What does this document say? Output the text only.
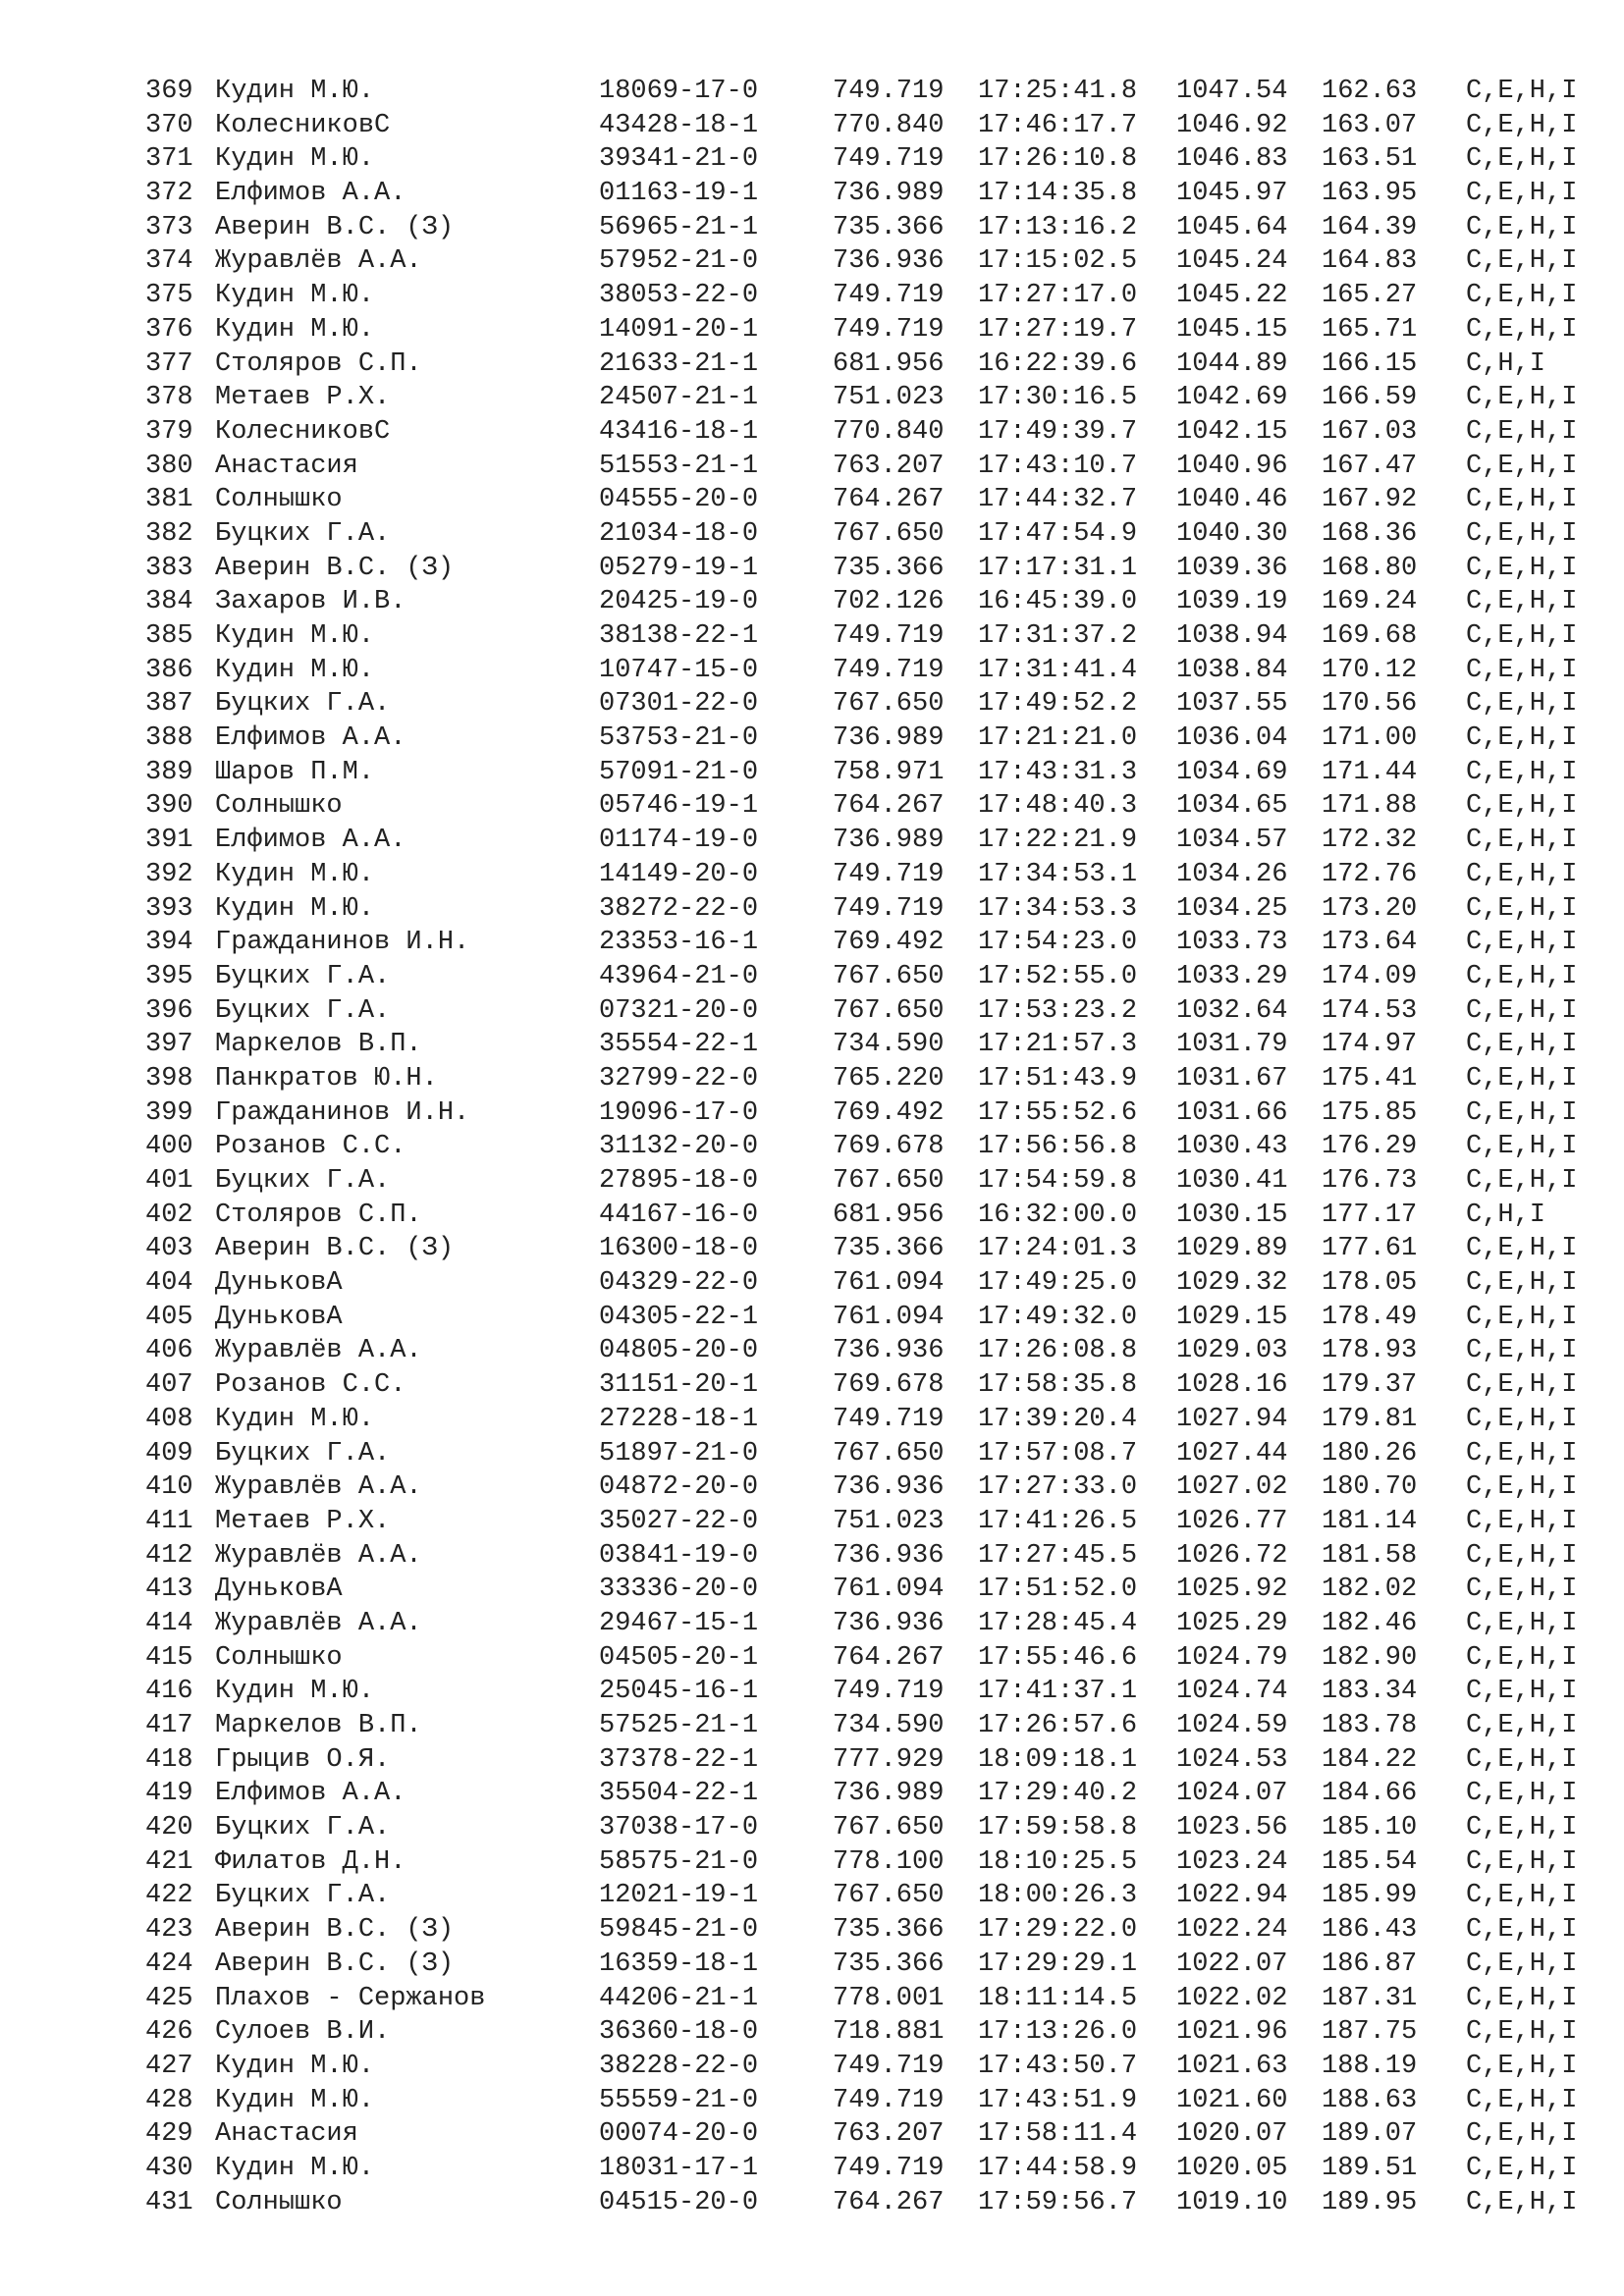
369 Кудин М.Ю.	18069-17-0	749.719 17:25:41.8 1047.54 162.63 C,E,H,I
370 КолесниковС	43428-18-1	770.840 17:46:17.7 1046.92 163.07 C,E,H,I
371 Кудин М.Ю.	39341-21-0	749.719 17:26:10.8 1046.83 163.51 C,E,H,I
372 Елфимов А.А.	01163-19-1	736.989 17:14:35.8 1045.97 163.95 C,E,H,I
373 Аверин В.С. (З)	56965-21-1	735.366 17:13:16.2 1045.64 164.39 C,E,H,I
374 Журавлёв А.А.	57952-21-0	736.936 17:15:02.5 1045.24 164.83 C,E,H,I
375 Кудин М.Ю.	38053-22-0	749.719 17:27:17.0 1045.22 165.27 C,E,H,I
376 Кудин М.Ю.	14091-20-1	749.719 17:27:19.7 1045.15 165.71 C,E,H,I
377 Столяров С.П.	21633-21-1	681.956 16:22:39.6 1044.89 166.15 C,H,I
378 Метаев Р.Х.	24507-21-1	751.023 17:30:16.5 1042.69 166.59 C,E,H,I
379 КолесниковС	43416-18-1	770.840 17:49:39.7 1042.15 167.03 C,E,H,I
380 Анастасия	51553-21-1	763.207 17:43:10.7 1040.96 167.47 C,E,H,I
381 Солнышко	04555-20-0	764.267 17:44:32.7 1040.46 167.92 C,E,H,I
382 Буцких Г.А.	21034-18-0	767.650 17:47:54.9 1040.30 168.36 C,E,H,I
383 Аверин В.С. (З)	05279-19-1	735.366 17:17:31.1 1039.36 168.80 C,E,H,I
384 Захаров И.В.	20425-19-0	702.126 16:45:39.0 1039.19 169.24 C,E,H,I
385 Кудин М.Ю.	38138-22-1	749.719 17:31:37.2 1038.94 169.68 C,E,H,I
386 Кудин М.Ю.	10747-15-0	749.719 17:31:41.4 1038.84 170.12 C,E,H,I
387 Буцких Г.А.	07301-22-0	767.650 17:49:52.2 1037.55 170.56 C,E,H,I
388 Елфимов А.А.	53753-21-0	736.989 17:21:21.0 1036.04 171.00 C,E,H,I
389 Шаров П.М.	57091-21-0	758.971 17:43:31.3 1034.69 171.44 C,E,H,I
390 Солнышко	05746-19-1	764.267 17:48:40.3 1034.65 171.88 C,E,H,I
391 Елфимов А.А.	01174-19-0	736.989 17:22:21.9 1034.57 172.32 C,E,H,I
392 Кудин М.Ю.	14149-20-0	749.719 17:34:53.1 1034.26 172.76 C,E,H,I
393 Кудин М.Ю.	38272-22-0	749.719 17:34:53.3 1034.25 173.20 C,E,H,I
394 Гражданинов И.Н.	23353-16-1	769.492 17:54:23.0 1033.73 173.64 C,E,H,I
395 Буцких Г.А.	43964-21-0	767.650 17:52:55.0 1033.29 174.09 C,E,H,I
396 Буцких Г.А.	07321-20-0	767.650 17:53:23.2 1032.64 174.53 C,E,H,I
397 Маркелов В.П.	35554-22-1	734.590 17:21:57.3 1031.79 174.97 C,E,H,I
398 Панкратов Ю.Н.	32799-22-0	765.220 17:51:43.9 1031.67 175.41 C,E,H,I
399 Гражданинов И.Н.	19096-17-0	769.492 17:55:52.6 1031.66 175.85 C,E,H,I
400 Розанов С.С.	31132-20-0	769.678 17:56:56.8 1030.43 176.29 C,E,H,I
401 Буцких Г.А.	27895-18-0	767.650 17:54:59.8 1030.41 176.73 C,E,H,I
402 Столяров С.П.	44167-16-0	681.956 16:32:00.0 1030.15 177.17 C,H,I
403 Аверин В.С. (З)	16300-18-0	735.366 17:24:01.3 1029.89 177.61 C,E,H,I
404 ДуньковА	04329-22-0	761.094 17:49:25.0 1029.32 178.05 C,E,H,I
405 ДуньковА	04305-22-1	761.094 17:49:32.0 1029.15 178.49 C,E,H,I
406 Журавлёв А.А.	04805-20-0	736.936 17:26:08.8 1029.03 178.93 C,E,H,I
407 Розанов С.С.	31151-20-1	769.678 17:58:35.8 1028.16 179.37 C,E,H,I
408 Кудин М.Ю.	27228-18-1	749.719 17:39:20.4 1027.94 179.81 C,E,H,I
409 Буцких Г.А.	51897-21-0	767.650 17:57:08.7 1027.44 180.26 C,E,H,I
410 Журавлёв А.А.	04872-20-0	736.936 17:27:33.0 1027.02 180.70 C,E,H,I
411 Метаев Р.Х.	35027-22-0	751.023 17:41:26.5 1026.77 181.14 C,E,H,I
412 Журавлёв А.А.	03841-19-0	736.936 17:27:45.5 1026.72 181.58 C,E,H,I
413 ДуньковА	33336-20-0	761.094 17:51:52.0 1025.92 182.02 C,E,H,I
414 Журавлёв А.А.	29467-15-1	736.936 17:28:45.4 1025.29 182.46 C,E,H,I
415 Солнышко	04505-20-1	764.267 17:55:46.6 1024.79 182.90 C,E,H,I
416 Кудин М.Ю.	25045-16-1	749.719 17:41:37.1 1024.74 183.34 C,E,H,I
417 Маркелов В.П.	57525-21-1	734.590 17:26:57.6 1024.59 183.78 C,E,H,I
418 Грыцив О.Я.	37378-22-1	777.929 18:09:18.1 1024.53 184.22 C,E,H,I
419 Елфимов А.А.	35504-22-1	736.989 17:29:40.2 1024.07 184.66 C,E,H,I
420 Буцких Г.А.	37038-17-0	767.650 17:59:58.8 1023.56 185.10 C,E,H,I
421 Филатов Д.Н.	58575-21-0	778.100 18:10:25.5 1023.24 185.54 C,E,H,I
422 Буцких Г.А.	12021-19-1	767.650 18:00:26.3 1022.94 185.99 C,E,H,I
423 Аверин В.С. (З)	59845-21-0	735.366 17:29:22.0 1022.24 186.43 C,E,H,I
424 Аверин В.С. (З)	16359-18-1	735.366 17:29:29.1 1022.07 186.87 C,E,H,I
425 Плахов - Сержанов	44206-21-1	778.001 18:11:14.5 1022.02 187.31 C,E,H,I
426 Сулоев В.И.	36360-18-0	718.881 17:13:26.0 1021.96 187.75 C,E,H,I
427 Кудин М.Ю.	38228-22-0	749.719 17:43:50.7 1021.63 188.19 C,E,H,I
428 Кудин М.Ю.	55559-21-0	749.719 17:43:51.9 1021.60 188.63 C,E,H,I
429 Анастасия	00074-20-0	763.207 17:58:11.4 1020.07 189.07 C,E,H,I
430 Кудин М.Ю.	18031-17-1	749.719 17:44:58.9 1020.05 189.51 C,E,H,I
431 Солнышко	04515-20-0	764.267 17:59:56.7 1019.10 189.95 C,E,H,I
